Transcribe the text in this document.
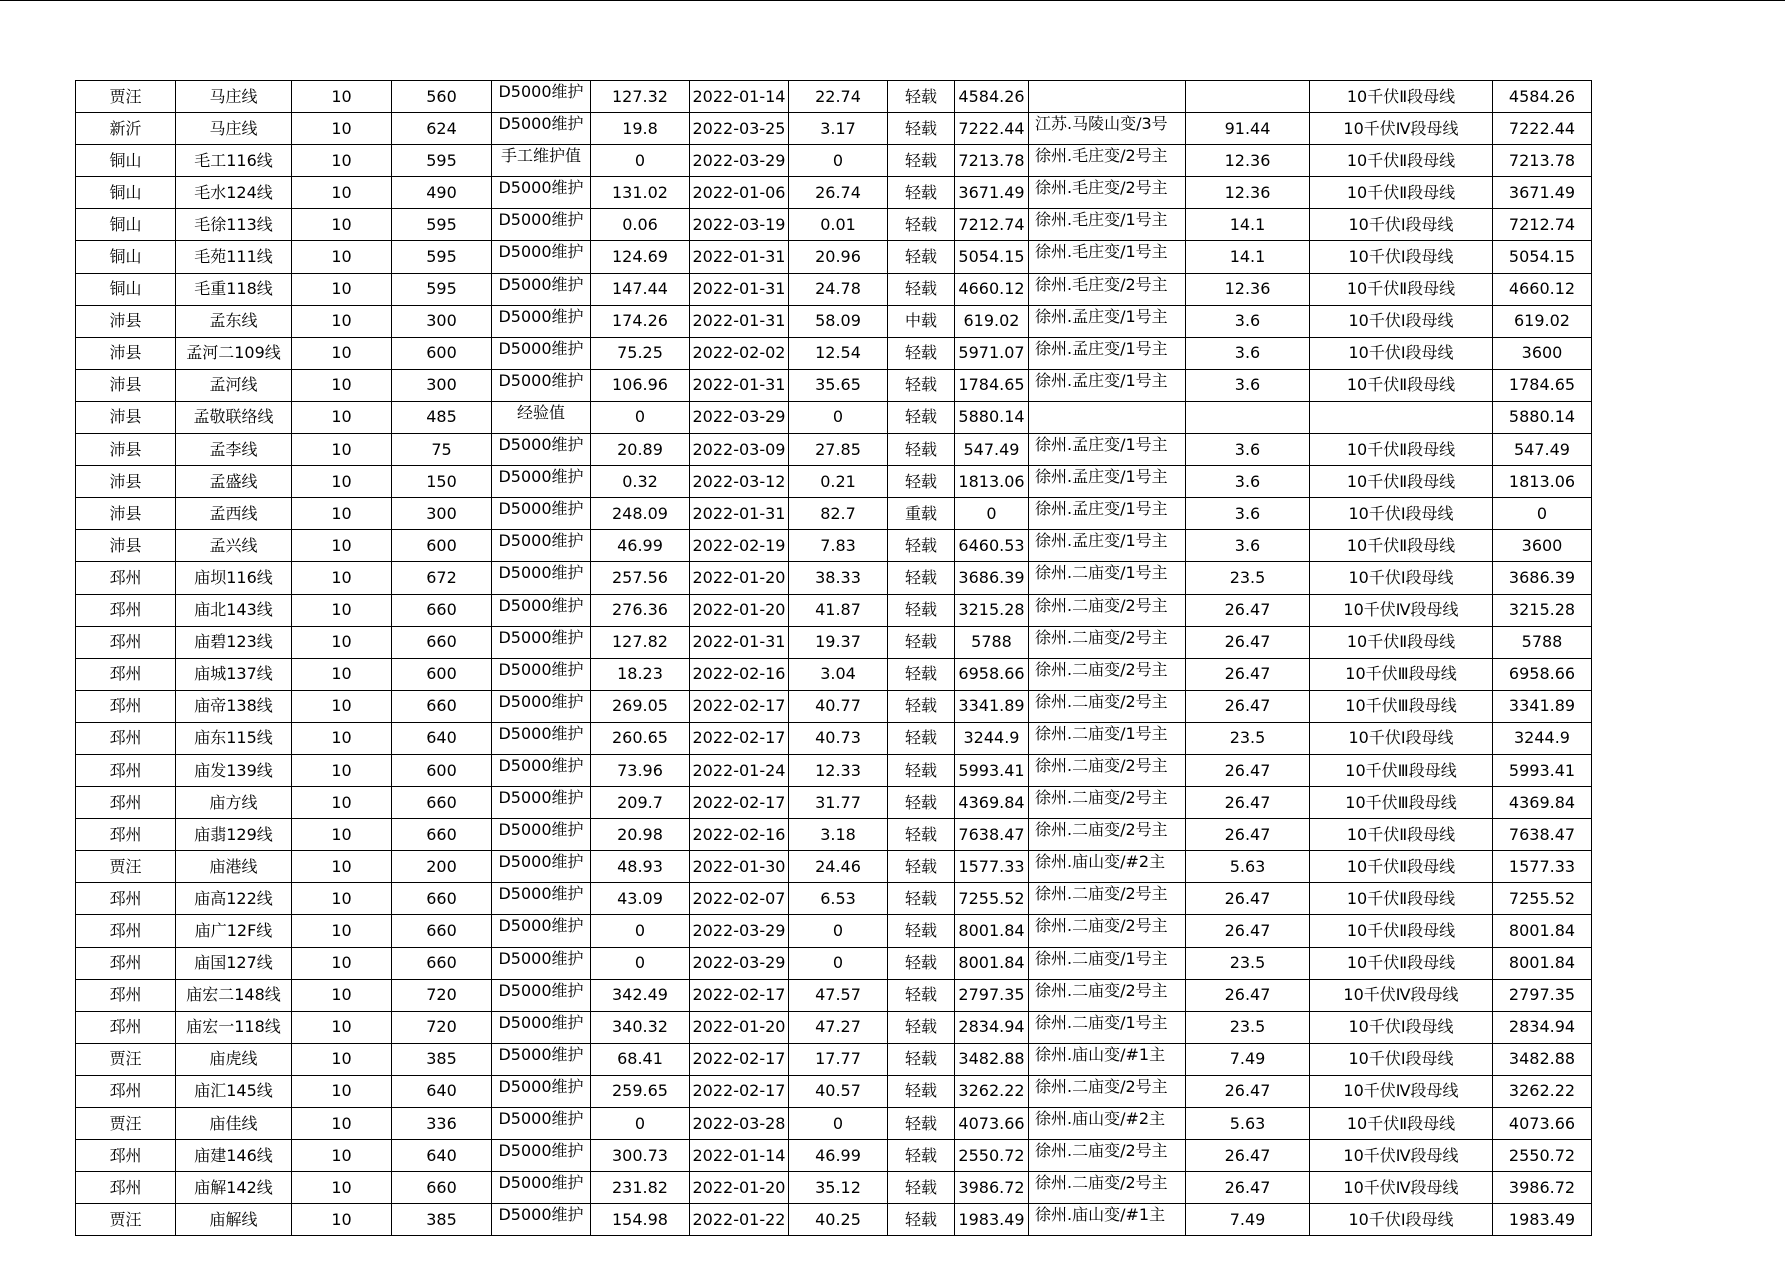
贾汪	马庄线	10	560	D5000维护	127.32	2022-01-14	22.74	轻载	4584.26			10千伏Ⅱ段母线	4584.26
新沂	马庄线	10	624	D5000维护	19.8	2022-03-25	3.17	轻载	7222.44	江苏.马陵山变/3号	91.44	10千伏Ⅳ段母线	7222.44
铜山	毛工116线	10	595	手工维护值	0	2022-03-29	0	轻载	7213.78	徐州.毛庄变/2号主	12.36	10千伏Ⅱ段母线	7213.78
铜山	毛水124线	10	490	D5000维护	131.02	2022-01-06	26.74	轻载	3671.49	徐州.毛庄变/2号主	12.36	10千伏Ⅱ段母线	3671.49
铜山	毛徐113线	10	595	D5000维护	0.06	2022-03-19	0.01	轻载	7212.74	徐州.毛庄变/1号主	14.1	10千伏Ⅰ段母线	7212.74
铜山	毛苑111线	10	595	D5000维护	124.69	2022-01-31	20.96	轻载	5054.15	徐州.毛庄变/1号主	14.1	10千伏Ⅰ段母线	5054.15
铜山	毛重118线	10	595	D5000维护	147.44	2022-01-31	24.78	轻载	4660.12	徐州.毛庄变/2号主	12.36	10千伏Ⅱ段母线	4660.12
沛县	孟东线	10	300	D5000维护	174.26	2022-01-31	58.09	中载	619.02	徐州.孟庄变/1号主	3.6	10千伏Ⅰ段母线	619.02
沛县	孟河二109线	10	600	D5000维护	75.25	2022-02-02	12.54	轻载	5971.07	徐州.孟庄变/1号主	3.6	10千伏Ⅰ段母线	3600
沛县	孟河线	10	300	D5000维护	106.96	2022-01-31	35.65	轻载	1784.65	徐州.孟庄变/1号主	3.6	10千伏Ⅱ段母线	1784.65
沛县	孟敬联络线	10	485	经验值	0	2022-03-29	0	轻载	5880.14				5880.14
沛县	孟李线	10	75	D5000维护	20.89	2022-03-09	27.85	轻载	547.49	徐州.孟庄变/1号主	3.6	10千伏Ⅱ段母线	547.49
沛县	孟盛线	10	150	D5000维护	0.32	2022-03-12	0.21	轻载	1813.06	徐州.孟庄变/1号主	3.6	10千伏Ⅱ段母线	1813.06
沛县	孟西线	10	300	D5000维护	248.09	2022-01-31	82.7	重载	0	徐州.孟庄变/1号主	3.6	10千伏Ⅰ段母线	0
沛县	孟兴线	10	600	D5000维护	46.99	2022-02-19	7.83	轻载	6460.53	徐州.孟庄变/1号主	3.6	10千伏Ⅱ段母线	3600
邳州	庙坝116线	10	672	D5000维护	257.56	2022-01-20	38.33	轻载	3686.39	徐州.二庙变/1号主	23.5	10千伏Ⅰ段母线	3686.39
邳州	庙北143线	10	660	D5000维护	276.36	2022-01-20	41.87	轻载	3215.28	徐州.二庙变/2号主	26.47	10千伏Ⅳ段母线	3215.28
邳州	庙碧123线	10	660	D5000维护	127.82	2022-01-31	19.37	轻载	5788	徐州.二庙变/2号主	26.47	10千伏Ⅱ段母线	5788
邳州	庙城137线	10	600	D5000维护	18.23	2022-02-16	3.04	轻载	6958.66	徐州.二庙变/2号主	26.47	10千伏Ⅲ段母线	6958.66
邳州	庙帝138线	10	660	D5000维护	269.05	2022-02-17	40.77	轻载	3341.89	徐州.二庙变/2号主	26.47	10千伏Ⅲ段母线	3341.89
邳州	庙东115线	10	640	D5000维护	260.65	2022-02-17	40.73	轻载	3244.9	徐州.二庙变/1号主	23.5	10千伏Ⅰ段母线	3244.9
邳州	庙发139线	10	600	D5000维护	73.96	2022-01-24	12.33	轻载	5993.41	徐州.二庙变/2号主	26.47	10千伏Ⅲ段母线	5993.41
邳州	庙方线	10	660	D5000维护	209.7	2022-02-17	31.77	轻载	4369.84	徐州.二庙变/2号主	26.47	10千伏Ⅲ段母线	4369.84
邳州	庙翡129线	10	660	D5000维护	20.98	2022-02-16	3.18	轻载	7638.47	徐州.二庙变/2号主	26.47	10千伏Ⅱ段母线	7638.47
贾汪	庙港线	10	200	D5000维护	48.93	2022-01-30	24.46	轻载	1577.33	徐州.庙山变/#2主	5.63	10千伏Ⅱ段母线	1577.33
邳州	庙高122线	10	660	D5000维护	43.09	2022-02-07	6.53	轻载	7255.52	徐州.二庙变/2号主	26.47	10千伏Ⅱ段母线	7255.52
邳州	庙广12F线	10	660	D5000维护	0	2022-03-29	0	轻载	8001.84	徐州.二庙变/2号主	26.47	10千伏Ⅱ段母线	8001.84
邳州	庙国127线	10	660	D5000维护	0	2022-03-29	0	轻载	8001.84	徐州.二庙变/1号主	23.5	10千伏Ⅱ段母线	8001.84
邳州	庙宏二148线	10	720	D5000维护	342.49	2022-02-17	47.57	轻载	2797.35	徐州.二庙变/2号主	26.47	10千伏Ⅳ段母线	2797.35
邳州	庙宏一118线	10	720	D5000维护	340.32	2022-01-20	47.27	轻载	2834.94	徐州.二庙变/1号主	23.5	10千伏Ⅰ段母线	2834.94
贾汪	庙虎线	10	385	D5000维护	68.41	2022-02-17	17.77	轻载	3482.88	徐州.庙山变/#1主	7.49	10千伏Ⅰ段母线	3482.88
邳州	庙汇145线	10	640	D5000维护	259.65	2022-02-17	40.57	轻载	3262.22	徐州.二庙变/2号主	26.47	10千伏Ⅳ段母线	3262.22
贾汪	庙佳线	10	336	D5000维护	0	2022-03-28	0	轻载	4073.66	徐州.庙山变/#2主	5.63	10千伏Ⅱ段母线	4073.66
邳州	庙建146线	10	640	D5000维护	300.73	2022-01-14	46.99	轻载	2550.72	徐州.二庙变/2号主	26.47	10千伏Ⅳ段母线	2550.72
邳州	庙解142线	10	660	D5000维护	231.82	2022-01-20	35.12	轻载	3986.72	徐州.二庙变/2号主	26.47	10千伏Ⅳ段母线	3986.72
贾汪	庙解线	10	385	D5000维护	154.98	2022-01-22	40.25	轻载	1983.49	徐州.庙山变/#1主	7.49	10千伏Ⅰ段母线	1983.49
